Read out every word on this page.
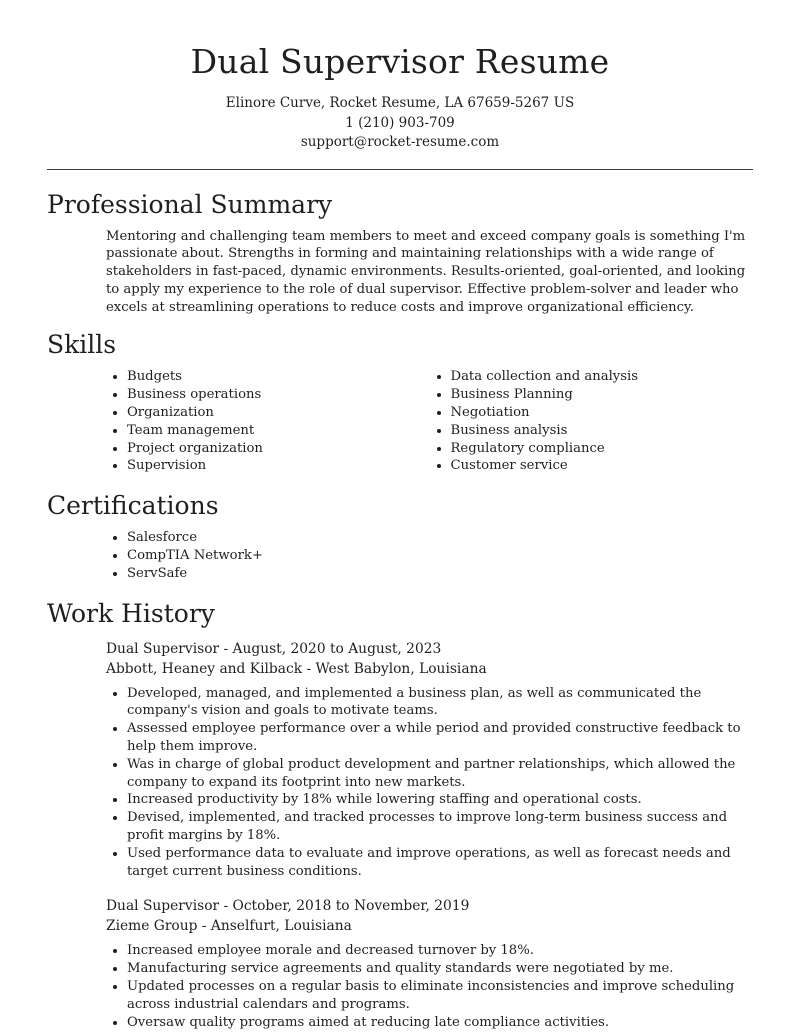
Dual Supervisor Resume
Elinore Curve, Rocket Resume, LA 67659-5267 US
1 (210) 903-709
support@rocket-resume.com
Professional Summary

Mentoring and challenging team members to meet and exceed company goals is something I'm passionate about. Strengths in forming and maintaining relationships with a wide range of stakeholders in fast-paced, dynamic environments. Results-oriented, goal-oriented, and looking to apply my experience to the role of dual supervisor. Effective problem-solver and leader who excels at streamlining operations to reduce costs and improve organizational efficiency.

Skills
• Budgets
• Business operations
• Organization
• Team management
• Project organization
• Supervision
• Data collection and analysis
• Business Planning
• Negotiation
• Business analysis
• Regulatory compliance
• Customer service
Certifications
• Salesforce
• CompTIA Network+
• ServSafe
Work History
Dual Supervisor - August, 2020 to August, 2023
Abbott, Heaney and Kilback - West Babylon, Louisiana
• Developed, managed, and implemented a business plan, as well as communicated the company's vision and goals to motivate teams.
• Assessed employee performance over a while period and provided constructive feedback to help them improve.
• Was in charge of global product development and partner relationships, which allowed the company to expand its footprint into new markets.
• Increased productivity by 18% while lowering staffing and operational costs.
• Devised, implemented, and tracked processes to improve long-term business success and profit margins by 18%.
• Used performance data to evaluate and improve operations, as well as forecast needs and target current business conditions.
Dual Supervisor - October, 2018 to November, 2019
Zieme Group - Anselfurt, Louisiana
• Increased employee morale and decreased turnover by 18%.
• Manufacturing service agreements and quality standards were negotiated by me.
• Updated processes on a regular basis to eliminate inconsistencies and improve scheduling across industrial calendars and programs.
• Oversaw quality programs aimed at reducing late compliance activities.
